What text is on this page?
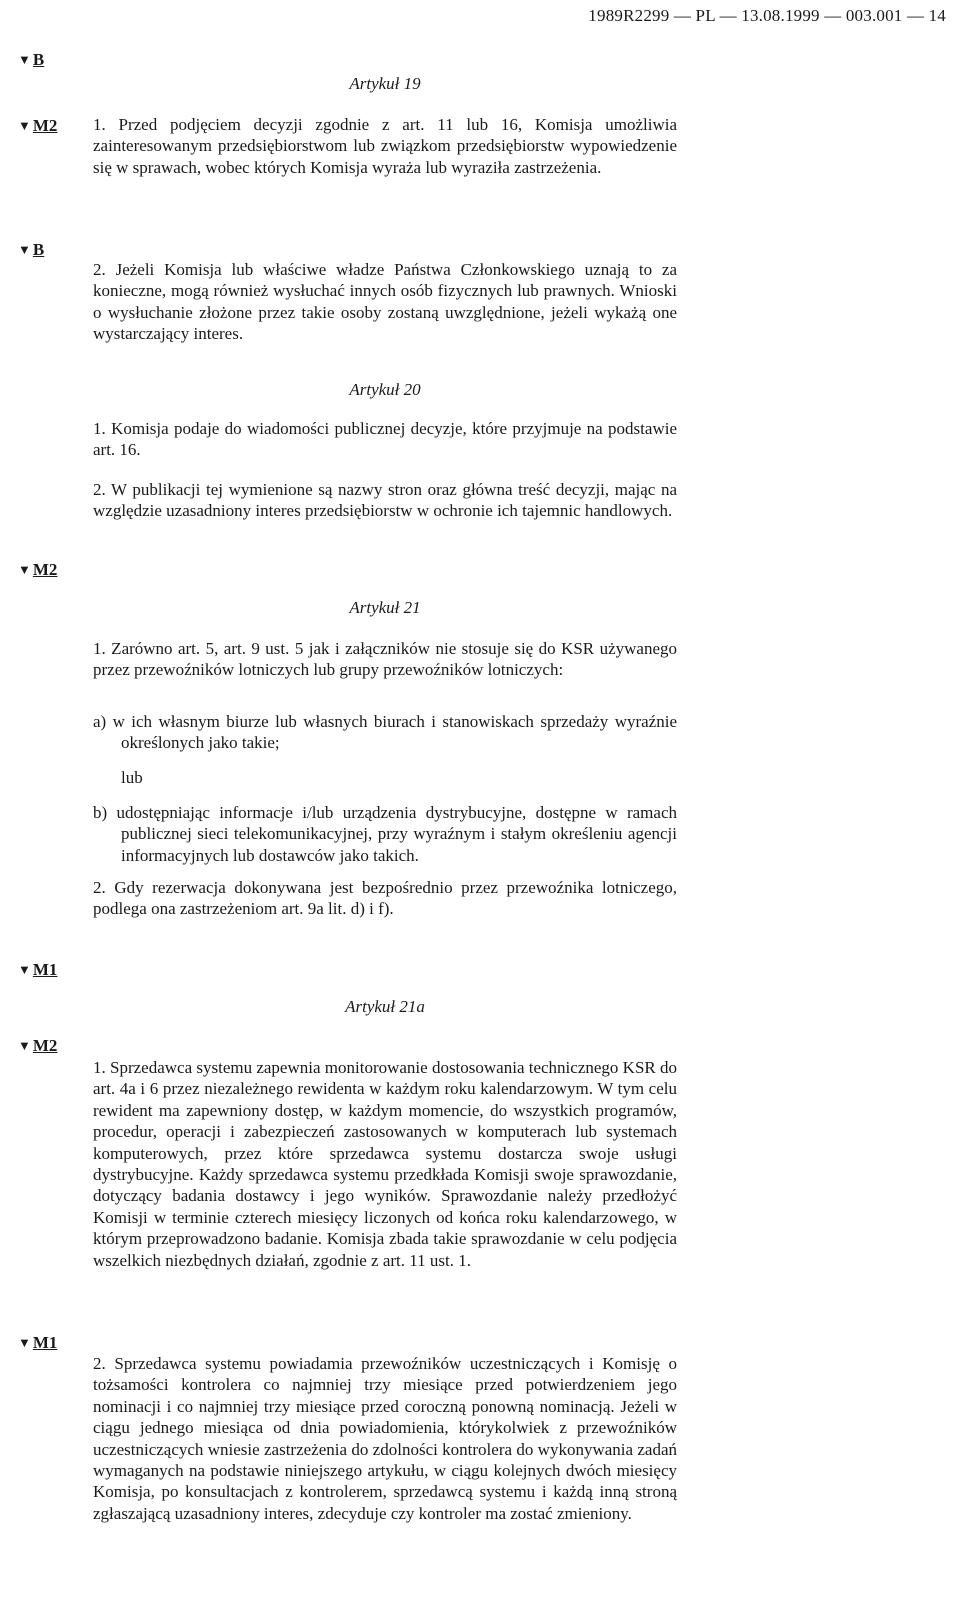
1989R2299 — PL — 13.08.1999 — 003.001 — 14
▼ B
▼ M2
▼ B
▼ M2
▼ M1
▼ M2
▼ M1
Artykuł 19

1. Przed podjęciem decyzji zgodnie z art. 11 lub 16, Komisja umożliwia zainteresowanym przedsiębiorstwom lub związkom przedsiębiorstw wypowiedzenie się w sprawach, wobec których Komisja wyraża lub wyraziła zastrzeżenia.

2. Jeżeli Komisja lub właściwe władze Państwa Członkowskiego uznają to za konieczne, mogą również wysłuchać innych osób fizycznych lub prawnych. Wnioski o wysłuchanie złożone przez takie osoby zostaną uwzględnione, jeżeli wykażą one wystarczający interes.

Artykuł 20

1. Komisja podaje do wiadomości publicznej decyzje, które przyjmuje na podstawie art. 16.

2. W publikacji tej wymienione są nazwy stron oraz główna treść decyzji, mając na względzie uzasadniony interes przedsiębiorstw w ochronie ich tajemnic handlowych.

Artykuł 21

1. Zarówno art. 5, art. 9 ust. 5 jak i załączników nie stosuje się do KSR używanego przez przewoźników lotniczych lub grupy przewoźników lotniczych:

a) w ich własnym biurze lub własnych biurach i stanowiskach sprzedaży wyraźnie określonych jako takie;

lub

b) udostępniając informacje i/lub urządzenia dystrybucyjne, dostępne w ramach publicznej sieci telekomunikacyjnej, przy wyraźnym i stałym określeniu agencji informacyjnych lub dostawców jako takich.

2. Gdy rezerwacja dokonywana jest bezpośrednio przez przewoźnika lotniczego, podlega ona zastrzeżeniom art. 9a lit. d) i f).

Artykuł 21a

1. Sprzedawca systemu zapewnia monitorowanie dostosowania technicznego KSR do art. 4a i 6 przez niezależnego rewidenta w każdym roku kalendarzowym. W tym celu rewident ma zapewniony dostęp, w każdym momencie, do wszystkich programów, procedur, operacji i zabezpieczeń zastosowanych w komputerach lub systemach komputerowych, przez które sprzedawca systemu dostarcza swoje usługi dystrybucyjne. Każdy sprzedawca systemu przedkłada Komisji swoje sprawozdanie, dotyczący badania dostawcy i jego wyników. Sprawozdanie należy przedłożyć Komisji w terminie czterech miesięcy liczonych od końca roku kalendarzowego, w którym przeprowadzono badanie. Komisja zbada takie sprawozdanie w celu podjęcia wszelkich niezbędnych działań, zgodnie z art. 11 ust. 1.

2. Sprzedawca systemu powiadamia przewoźników uczestniczących i Komisję o tożsamości kontrolera co najmniej trzy miesiące przed potwierdzeniem jego nominacji i co najmniej trzy miesiące przed coroczną ponowną nominacją. Jeżeli w ciągu jednego miesiąca od dnia powiadomienia, którykolwiek z przewoźników uczestniczących wniesie zastrzeżenia do zdolności kontrolera do wykonywania zadań wymaganych na podstawie niniejszego artykułu, w ciągu kolejnych dwóch miesięcy Komisja, po konsultacjach z kontrolerem, sprzedawcą systemu i każdą inną stroną zgłaszającą uzasadniony interes, zdecyduje czy kontroler ma zostać zmieniony.
